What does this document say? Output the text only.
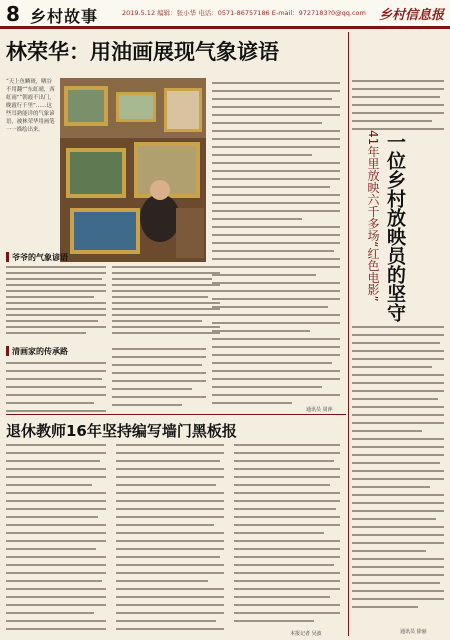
8 乡村故事	2019.5.12 编辑：张小华 电话：0571-86757186 E-mail：9727183?0@qq.com 乡村信息报
林荣华：用油画展现气象谚语
“天上鱼鳞斑，晒谷不用翻”“东虹晴，西虹雨”“朝霞不出门，晚霞行千里”……这些耳熟能详的气象谚语，被林荣华用画笔一一描绘出来。
爷爷的气象谚语
清画家的传承路
通讯员 周萍
退休教师16年坚持编写墙门黑板报
本报记者 吴波
41年里放映六千多场“红色电影” 一位乡村放映员的坚守
通讯员 徐丽
